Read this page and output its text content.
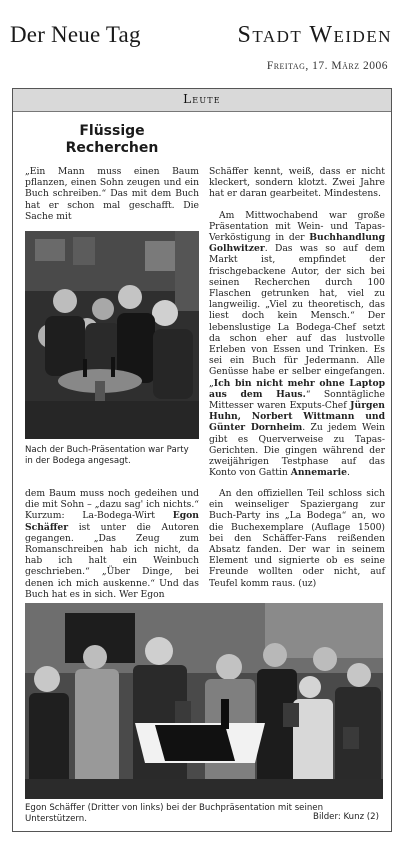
Der Neue Tag	Stadt Weiden
Freitag, 17. März 2006
Leute
Flüssige
Recherchen

„Ein Mann muss einen Baum pflanzen, einen Sohn zeugen und ein Buch schreiben.“ Das mit dem Buch hat er schon mal geschafft. Die Sache mit

Nach der Buch-Präsentation war Party in der Bodega angesagt.

dem Baum muss noch gedeihen und die mit Sohn – „dazu sag' ich nichts.“ Kurzum: La-Bodega-Wirt Egon Schäffer ist unter die Autoren gegangen. „Das Zeug zum Romanschreiben hab ich nicht, da hab ich halt ein Weinbuch geschrieben.“ „Über Dinge, bei denen ich mich auskenne.“ Und das Buch hat es in sich. Wer Egon

Schäffer kennt, weiß, dass er nicht kleckert, sondern klotzt. Zwei Jahre hat er daran gearbeitet. Mindestens.

Am Mittwochabend war große Präsentation mit Wein- und Tapas-Verköstigung in der Buchhandlung Golhwitzer. Das was so auf dem Markt ist, empfindet der frischgebackene Autor, der sich bei seinen Recherchen durch 100 Flaschen getrunken hat, viel zu langweilig. „Viel zu theoretisch, das liest doch kein Mensch.“ Der lebenslustige La Bodega-Chef setzt da schon eher auf das lustvolle Erleben von Essen und Trinken. Es sei ein Buch für Jedermann. Alle Genüsse habe er selber eingefangen. „Ich bin nicht mehr ohne Laptop aus dem Haus.“ Sonntägliche Mittesser waren Exputs-Chef Jürgen Huhn, Norbert Wittmann und Günter Dornheim. Zu jedem Wein gibt es Querverweise zu Tapas-Gerichten. Die gingen während der zweijährigen Testphase auf das Konto von Gattin Annemarie.

An den offiziellen Teil schloss sich ein weinseliger Spaziergang zur Buch-Party ins „La Bodega“ an, wo die Buchexemplare (Auflage 1500) bei den Schäffer-Fans reißenden Absatz fanden. Der war in seinem Element und signierte ob es seine Freunde wollten oder nicht, auf Teufel komm raus. (uz)

Egon Schäffer (Dritter von links) bei der Buchpräsentation mit seinen Unterstützern.	Bilder: Kunz (2)
